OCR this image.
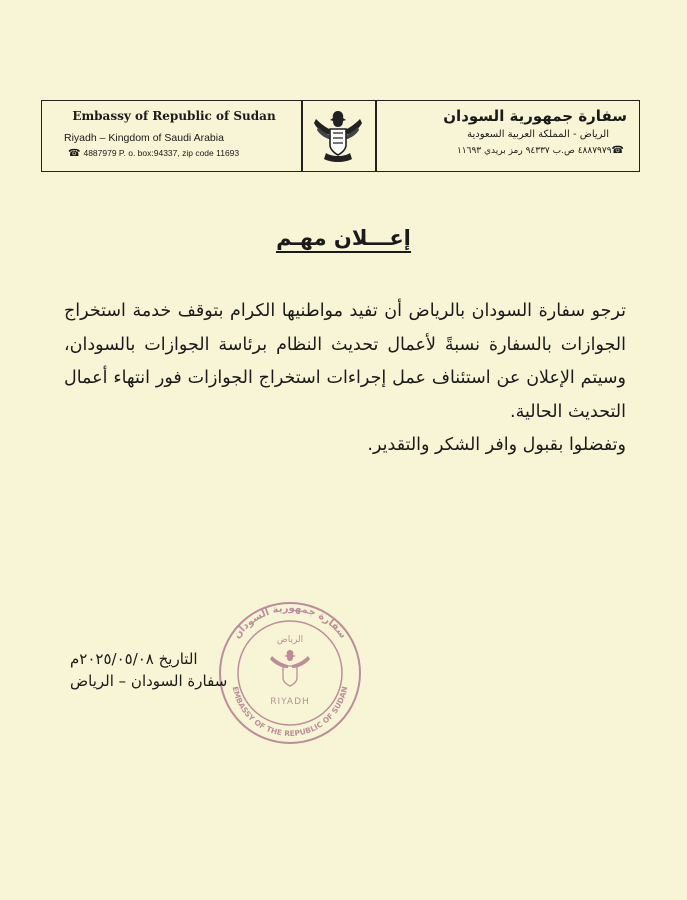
Embassy of Republic of Sudan
Riyadh – Kingdom of Saudi Arabia
☎ 4887979 P. o. box:94337, zip code 11693
سفارة جمهورية السودان
الرياض - المملكة العربية السعودية
☎٤٨٨٧٩٧٩ ص.ب ٩٤٣٣٧ رمز بريدي ١١٦٩٣
إعـــلان مهـم

ترجو سفارة السودان بالرياض أن تفيد مواطنيها الكرام بتوقف خدمة استخراج الجوازات بالسفارة نسبةً لأعمال تحديث النظام برئاسة الجوازات بالسودان، وسيتم الإعلان عن استئناف عمل إجراءات استخراج الجوازات فور انتهاء أعمال التحديث الحالية.

وتفضلوا بقبول وافر الشكر والتقدير.

سفارة جمهورية السودان
EMBASSY OF THE REPUBLIC OF SUDAN
الرياض
RIYADH
التاريخ ٢٠٢٥/٠٥/٠٨م
سفارة السودان – الرياض
